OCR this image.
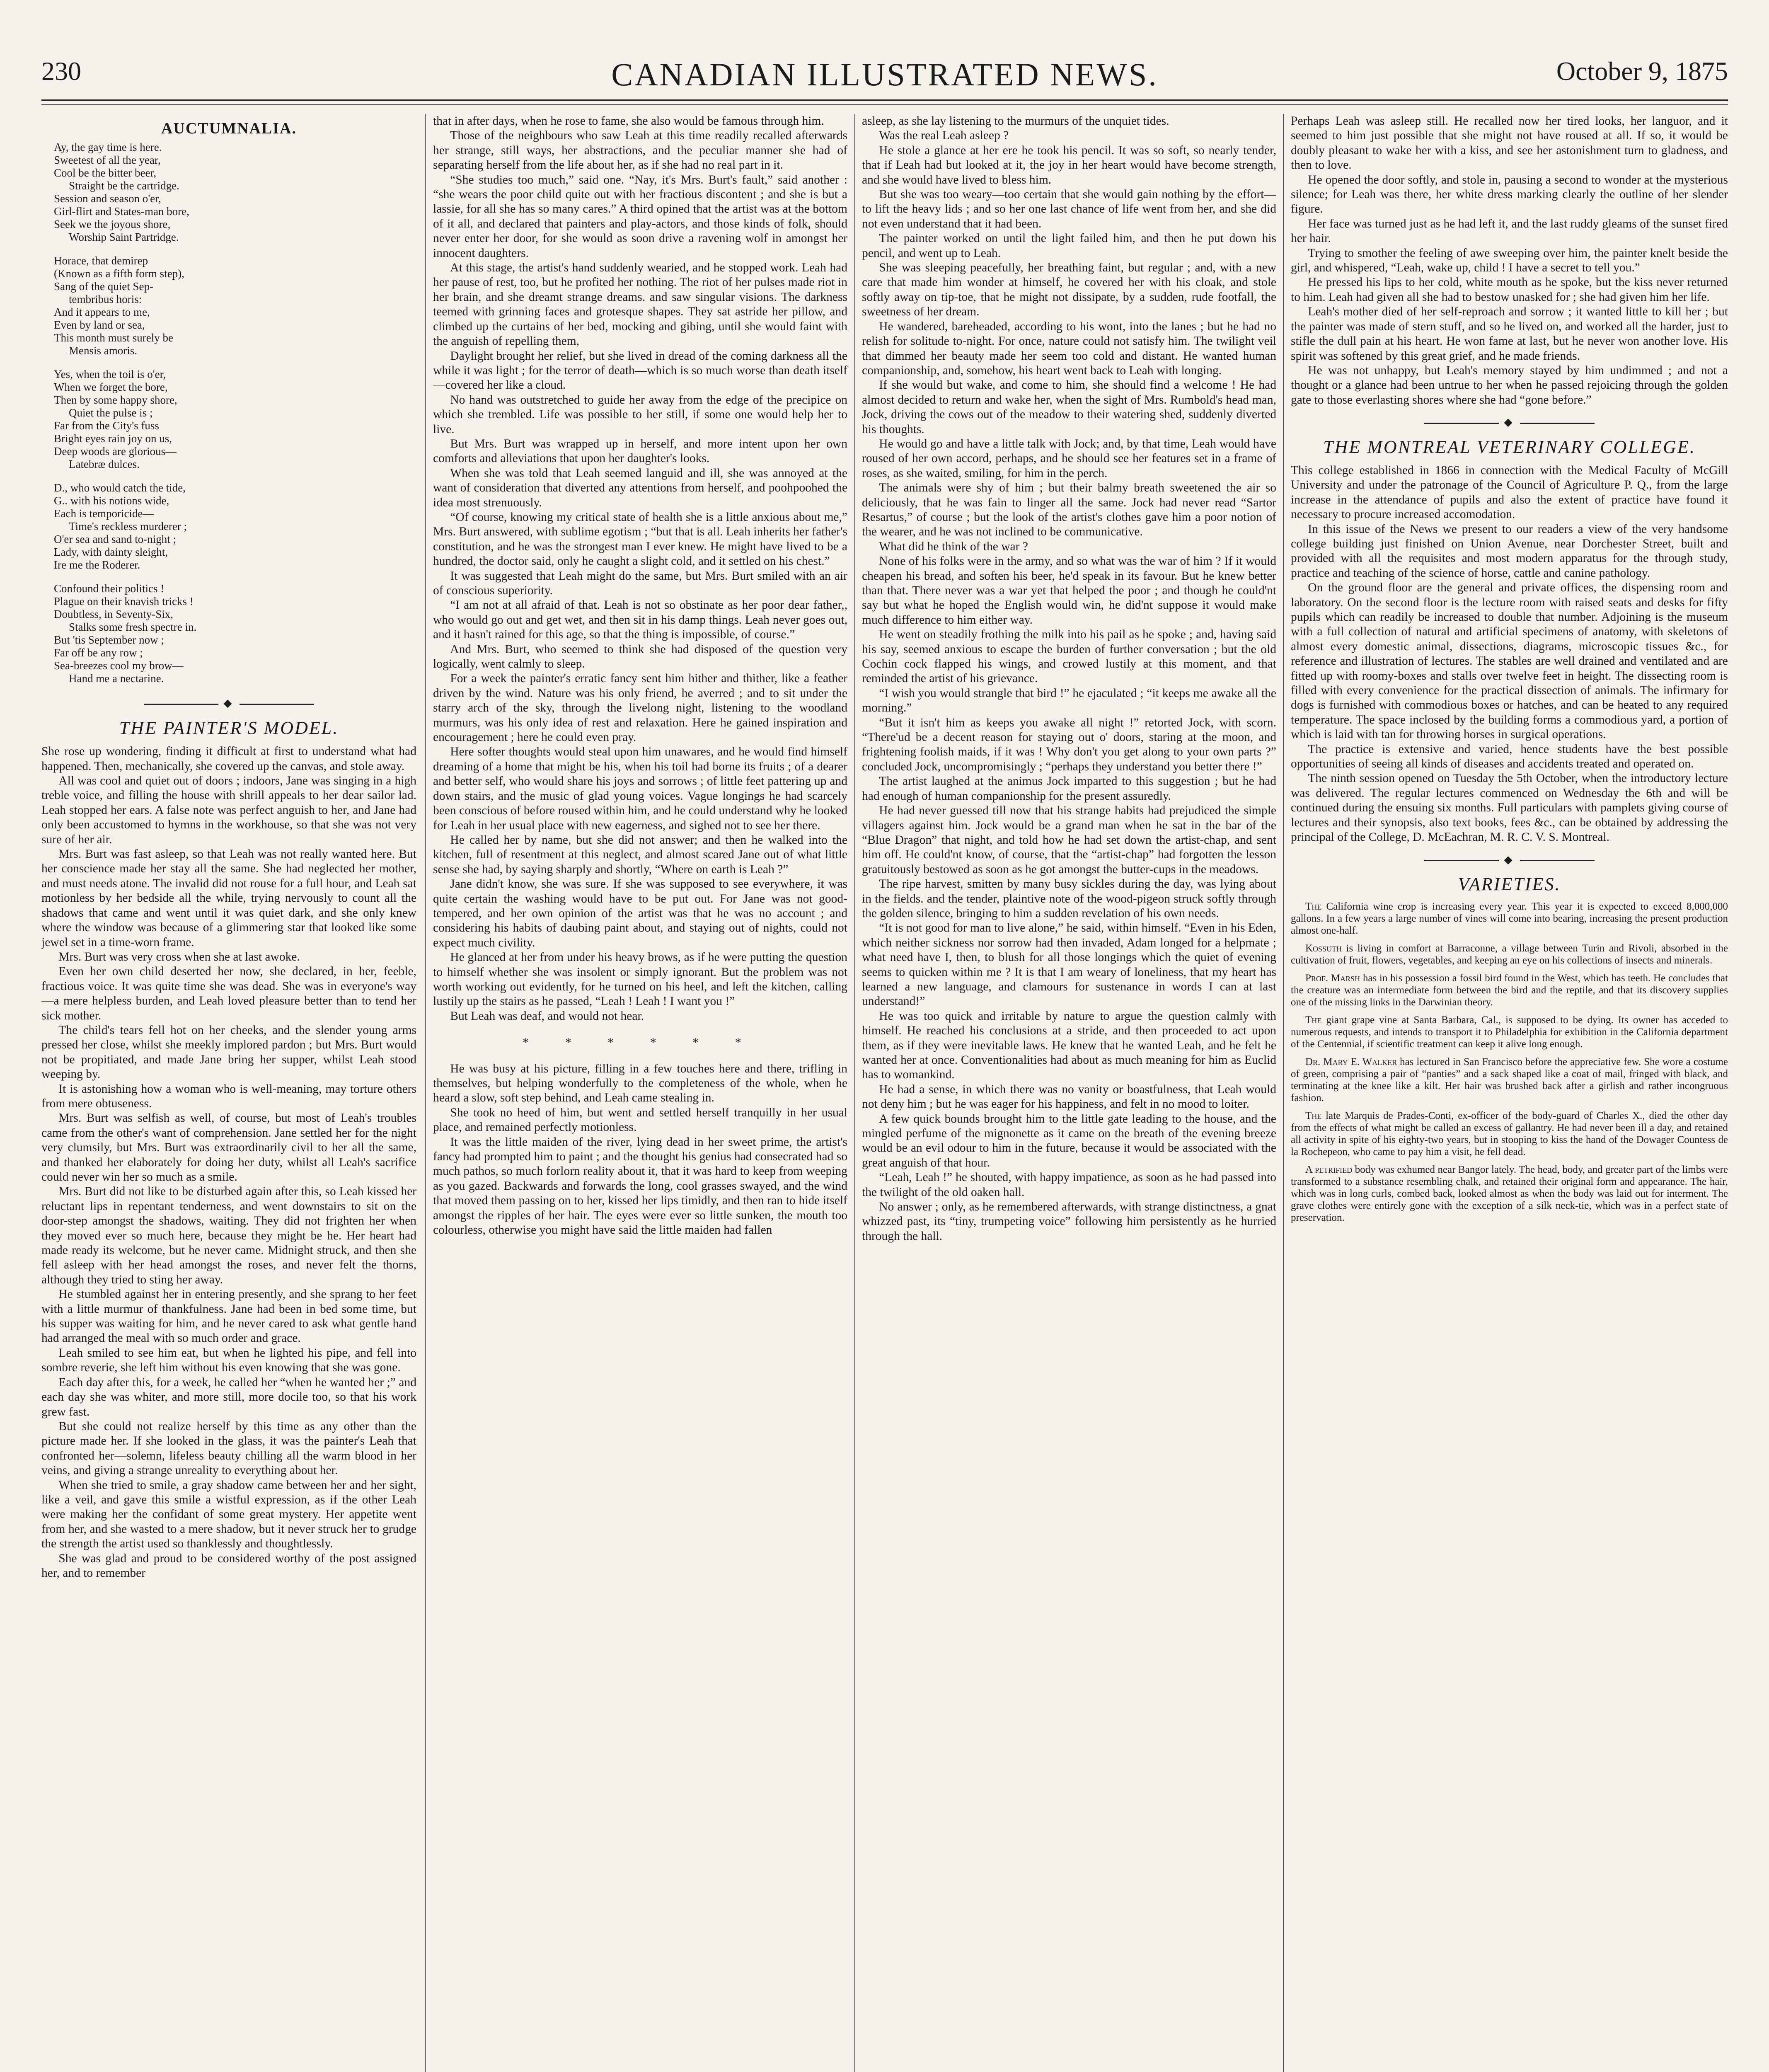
230	CANADIAN ILLUSTRATED NEWS.	October 9, 1875
AUCTUMNALIA.
Ay, the gay time is here.
Sweetest of all the year,
Cool be the bitter beer,
Straight be the cartridge.
Session and season o'er,
Girl-flirt and States-man bore,
Seek we the joyous shore,
Worship Saint Partridge.
Horace, that demirep
(Known as a fifth form step),
Sang of the quiet Sep-
tembribus horis:
And it appears to me,
Even by land or sea,
This month must surely be
Mensis amoris.
Yes, when the toil is o'er,
When we forget the bore,
Then by some happy shore,
Quiet the pulse is ;
Far from the City's fuss
Bright eyes rain joy on us,
Deep woods are glorious—
Latebræ dulces.
D., who would catch the tide,
G.. with his notions wide,
Each is temporicide—
Time's reckless murderer ;
O'er sea and sand to-night ;
Lady, with dainty sleight,
Ire me the Roderer.
Confound their politics !
Plague on their knavish tricks !
Doubtless, in Seventy-Six,
Stalks some fresh spectre in.
But 'tis September now ;
Far off be any row ;
Sea-breezes cool my brow—
Hand me a nectarine.
◆
THE PAINTER'S MODEL.

She rose up wondering, finding it difficult at first to understand what had happened. Then, mechanically, she covered up the canvas, and stole away.

All was cool and quiet out of doors ; indoors, Jane was singing in a high treble voice, and filling the house with shrill appeals to her dear sailor lad. Leah stopped her ears. A false note was perfect anguish to her, and Jane had only been accustomed to hymns in the workhouse, so that she was not very sure of her air.

Mrs. Burt was fast asleep, so that Leah was not really wanted here. But her conscience made her stay all the same. She had neglected her mother, and must needs atone. The invalid did not rouse for a full hour, and Leah sat motionless by her bedside all the while, trying nervously to count all the shadows that came and went until it was quiet dark, and she only knew where the window was because of a glimmering star that looked like some jewel set in a time-worn frame.

Mrs. Burt was very cross when she at last awoke.

Even her own child deserted her now, she declared, in her, feeble, fractious voice. It was quite time she was dead. She was in everyone's way—a mere helpless burden, and Leah loved pleasure better than to tend her sick mother.

The child's tears fell hot on her cheeks, and the slender young arms pressed her close, whilst she meekly implored pardon ; but Mrs. Burt would not be propitiated, and made Jane bring her supper, whilst Leah stood weeping by.

It is astonishing how a woman who is well-meaning, may torture others from mere obtuseness.

Mrs. Burt was selfish as well, of course, but most of Leah's troubles came from the other's want of comprehension. Jane settled her for the night very clumsily, but Mrs. Burt was extraordinarily civil to her all the same, and thanked her elaborately for doing her duty, whilst all Leah's sacrifice could never win her so much as a smile.

Mrs. Burt did not like to be disturbed again after this, so Leah kissed her reluctant lips in repentant tenderness, and went downstairs to sit on the door-step amongst the shadows, waiting. They did not frighten her when they moved ever so much here, because they might be he. Her heart had made ready its welcome, but he never came. Midnight struck, and then she fell asleep with her head amongst the roses, and never felt the thorns, although they tried to sting her away.

He stumbled against her in entering presently, and she sprang to her feet with a little murmur of thankfulness. Jane had been in bed some time, but his supper was waiting for him, and he never cared to ask what gentle hand had arranged the meal with so much order and grace.

Leah smiled to see him eat, but when he lighted his pipe, and fell into sombre reverie, she left him without his even knowing that she was gone.

Each day after this, for a week, he called her “when he wanted her ;” and each day she was whiter, and more still, more docile too, so that his work grew fast.

But she could not realize herself by this time as any other than the picture made her. If she looked in the glass, it was the painter's Leah that confronted her—solemn, lifeless beauty chilling all the warm blood in her veins, and giving a strange unreality to everything about her.

When she tried to smile, a gray shadow came between her and her sight, like a veil, and gave this smile a wistful expression, as if the other Leah were making her the confidant of some great mystery. Her appetite went from her, and she wasted to a mere shadow, but it never struck her to grudge the strength the artist used so thanklessly and thoughtlessly.

She was glad and proud to be considered worthy of the post assigned her, and to remember

that in after days, when he rose to fame, she also would be famous through him.

Those of the neighbours who saw Leah at this time readily recalled afterwards her strange, still ways, her abstractions, and the peculiar manner she had of separating herself from the life about her, as if she had no real part in it.

“She studies too much,” said one. “Nay, it's Mrs. Burt's fault,” said another : “she wears the poor child quite out with her fractious discontent ; and she is but a lassie, for all she has so many cares.” A third opined that the artist was at the bottom of it all, and declared that painters and play-actors, and those kinds of folk, should never enter her door, for she would as soon drive a ravening wolf in amongst her innocent daughters.

At this stage, the artist's hand suddenly wearied, and he stopped work. Leah had her pause of rest, too, but he profited her nothing. The riot of her pulses made riot in her brain, and she dreamt strange dreams. and saw singular visions. The darkness teemed with grinning faces and grotesque shapes. They sat astride her pillow, and climbed up the curtains of her bed, mocking and gibing, until she would faint with the anguish of repelling them,

Daylight brought her relief, but she lived in dread of the coming darkness all the while it was light ; for the terror of death—which is so much worse than death itself—covered her like a cloud.

No hand was outstretched to guide her away from the edge of the precipice on which she trembled. Life was possible to her still, if some one would help her to live.

But Mrs. Burt was wrapped up in herself, and more intent upon her own comforts and alleviations that upon her daughter's looks.

When she was told that Leah seemed languid and ill, she was annoyed at the want of consideration that diverted any attentions from herself, and poohpoohed the idea most strenuously.

“Of course, knowing my critical state of health she is a little anxious about me,” Mrs. Burt answered, with sublime egotism ; “but that is all. Leah inherits her father's constitution, and he was the strongest man I ever knew. He might have lived to be a hundred, the doctor said, only he caught a slight cold, and it settled on his chest.”

It was suggested that Leah might do the same, but Mrs. Burt smiled with an air of conscious superiority.

“I am not at all afraid of that. Leah is not so obstinate as her poor dear father,, who would go out and get wet, and then sit in his damp things. Leah never goes out, and it hasn't rained for this age, so that the thing is impossible, of course.”

And Mrs. Burt, who seemed to think she had disposed of the question very logically, went calmly to sleep.

For a week the painter's erratic fancy sent him hither and thither, like a feather driven by the wind. Nature was his only friend, he averred ; and to sit under the starry arch of the sky, through the livelong night, listening to the woodland murmurs, was his only idea of rest and relaxation. Here he gained inspiration and encouragement ; here he could even pray.

Here softer thoughts would steal upon him unawares, and he would find himself dreaming of a home that might be his, when his toil had borne its fruits ; of a dearer and better self, who would share his joys and sorrows ; of little feet pattering up and down stairs, and the music of glad young voices. Vague longings he had scarcely been conscious of before roused within him, and he could understand why he looked for Leah in her usual place with new eagerness, and sighed not to see her there.

He called her by name, but she did not answer; and then he walked into the kitchen, full of resentment at this neglect, and almost scared Jane out of what little sense she had, by saying sharply and shortly, “Where on earth is Leah ?”

Jane didn't know, she was sure. If she was supposed to see everywhere, it was quite certain the washing would have to be put out. For Jane was not good-tempered, and her own opinion of the artist was that he was no account ; and considering his habits of daubing paint about, and staying out of nights, could not expect much civility.

He glanced at her from under his heavy brows, as if he were putting the question to himself whether she was insolent or simply ignorant. But the problem was not worth working out evidently, for he turned on his heel, and left the kitchen, calling lustily up the stairs as he passed, “Leah ! Leah ! I want you !”

But Leah was deaf, and would not hear.

* * * * * *

He was busy at his picture, filling in a few touches here and there, trifling in themselves, but helping wonderfully to the completeness of the whole, when he heard a slow, soft step behind, and Leah came stealing in.

She took no heed of him, but went and settled herself tranquilly in her usual place, and remained perfectly motionless.

It was the little maiden of the river, lying dead in her sweet prime, the artist's fancy had prompted him to paint ; and the thought his genius had consecrated had so much pathos, so much forlorn reality about it, that it was hard to keep from weeping as you gazed. Backwards and forwards the long, cool grasses swayed, and the wind that moved them passing on to her, kissed her lips timidly, and then ran to hide itself amongst the ripples of her hair. The eyes were ever so little sunken, the mouth too colourless, otherwise you might have said the little maiden had fallen

asleep, as she lay listening to the murmurs of the unquiet tides.

Was the real Leah asleep ?

He stole a glance at her ere he took his pencil. It was so soft, so nearly tender, that if Leah had but looked at it, the joy in her heart would have become strength, and she would have lived to bless him.

But she was too weary—too certain that she would gain nothing by the effort—to lift the heavy lids ; and so her one last chance of life went from her, and she did not even understand that it had been.

The painter worked on until the light failed him, and then he put down his pencil, and went up to Leah.

She was sleeping peacefully, her breathing faint, but regular ; and, with a new care that made him wonder at himself, he covered her with his cloak, and stole softly away on tip-toe, that he might not dissipate, by a sudden, rude footfall, the sweetness of her dream.

He wandered, bareheaded, according to his wont, into the lanes ; but he had no relish for solitude to-night. For once, nature could not satisfy him. The twilight veil that dimmed her beauty made her seem too cold and distant. He wanted human companionship, and, somehow, his heart went back to Leah with longing.

If she would but wake, and come to him, she should find a welcome ! He had almost decided to return and wake her, when the sight of Mrs. Rumbold's head man, Jock, driving the cows out of the meadow to their watering shed, suddenly diverted his thoughts.

He would go and have a little talk with Jock; and, by that time, Leah would have roused of her own accord, perhaps, and he should see her features set in a frame of roses, as she waited, smiling, for him in the perch.

The animals were shy of him ; but their balmy breath sweetened the air so deliciously, that he was fain to linger all the same. Jock had never read “Sartor Resartus,” of course ; but the look of the artist's clothes gave him a poor notion of the wearer, and he was not inclined to be communicative.

What did he think of the war ?

None of his folks were in the army, and so what was the war of him ? If it would cheapen his bread, and soften his beer, he'd speak in its favour. But he knew better than that. There never was a war yet that helped the poor ; and though he could'nt say but what he hoped the English would win, he did'nt suppose it would make much difference to him either way.

He went on steadily frothing the milk into his pail as he spoke ; and, having said his say, seemed anxious to escape the burden of further conversation ; but the old Cochin cock flapped his wings, and crowed lustily at this moment, and that reminded the artist of his grievance.

“I wish you would strangle that bird !” he ejaculated ; “it keeps me awake all the morning.”

“But it isn't him as keeps you awake all night !” retorted Jock, with scorn. “There'ud be a decent reason for staying out o' doors, staring at the moon, and frightening foolish maids, if it was ! Why don't you get along to your own parts ?” concluded Jock, uncompromisingly ; “perhaps they understand you better there !”

The artist laughed at the animus Jock imparted to this suggestion ; but he had had enough of human companionship for the present assuredly.

He had never guessed till now that his strange habits had prejudiced the simple villagers against him. Jock would be a grand man when he sat in the bar of the “Blue Dragon” that night, and told how he had set down the artist-chap, and sent him off. He could'nt know, of course, that the “artist-chap” had forgotten the lesson gratuitously bestowed as soon as he got amongst the butter-cups in the meadows.

The ripe harvest, smitten by many busy sickles during the day, was lying about in the fields. and the tender, plaintive note of the wood-pigeon struck softly through the golden silence, bringing to him a sudden revelation of his own needs.

“It is not good for man to live alone,” he said, within himself. “Even in his Eden, which neither sickness nor sorrow had then invaded, Adam longed for a helpmate ; what need have I, then, to blush for all those longings which the quiet of evening seems to quicken within me ? It is that I am weary of loneliness, that my heart has learned a new language, and clamours for sustenance in words I can at last understand!”

He was too quick and irritable by nature to argue the question calmly with himself. He reached his conclusions at a stride, and then proceeded to act upon them, as if they were inevitable laws. He knew that he wanted Leah, and he felt he wanted her at once. Conventionalities had about as much meaning for him as Euclid has to womankind.

He had a sense, in which there was no vanity or boastfulness, that Leah would not deny him ; but he was eager for his happiness, and felt in no mood to loiter.

A few quick bounds brought him to the little gate leading to the house, and the mingled perfume of the mignonette as it came on the breath of the evening breeze would be an evil odour to him in the future, because it would be associated with the great anguish of that hour.

“Leah, Leah !” he shouted, with happy impatience, as soon as he had passed into the twilight of the old oaken hall.

No answer ; only, as he remembered afterwards, with strange distinctness, a gnat whizzed past, its “tiny, trumpeting voice” following him persistently as he hurried through the hall.

Perhaps Leah was asleep still. He recalled now her tired looks, her languor, and it seemed to him just possible that she might not have roused at all. If so, it would be doubly pleasant to wake her with a kiss, and see her astonishment turn to gladness, and then to love.

He opened the door softly, and stole in, pausing a second to wonder at the mysterious silence; for Leah was there, her white dress marking clearly the outline of her slender figure.

Her face was turned just as he had left it, and the last ruddy gleams of the sunset fired her hair.

Trying to smother the feeling of awe sweeping over him, the painter knelt beside the girl, and whispered, “Leah, wake up, child ! I have a secret to tell you.”

He pressed his lips to her cold, white mouth as he spoke, but the kiss never returned to him. Leah had given all she had to bestow unasked for ; she had given him her life.

Leah's mother died of her self-reproach and sorrow ; it wanted little to kill her ; but the painter was made of stern stuff, and so he lived on, and worked all the harder, just to stifle the dull pain at his heart. He won fame at last, but he never won another love. His spirit was softened by this great grief, and he made friends.

He was not unhappy, but Leah's memory stayed by him undimmed ; and not a thought or a glance had been untrue to her when he passed rejoicing through the golden gate to those everlasting shores where she had “gone before.”

◆
THE MONTREAL VETERINARY COLLEGE.

This college established in 1866 in connection with the Medical Faculty of McGill University and under the patronage of the Council of Agriculture P. Q., from the large increase in the attendance of pupils and also the extent of practice have found it necessary to procure increased accomodation.

In this issue of the News we present to our readers a view of the very handsome college building just finished on Union Avenue, near Dorchester Street, built and provided with all the requisites and most modern apparatus for the through study, practice and teaching of the science of horse, cattle and canine pathology.

On the ground floor are the general and private offices, the dispensing room and laboratory. On the second floor is the lecture room with raised seats and desks for fifty pupils which can readily be increased to double that number. Adjoining is the museum with a full collection of natural and artificial specimens of anatomy, with skeletons of almost every domestic animal, dissections, diagrams, microscopic tissues &c., for reference and illustration of lectures. The stables are well drained and ventilated and are fitted up with roomy-boxes and stalls over twelve feet in height. The dissecting room is filled with every convenience for the practical dissection of animals. The infirmary for dogs is furnished with commodious boxes or hatches, and can be heated to any required temperature. The space inclosed by the building forms a commodious yard, a portion of which is laid with tan for throwing horses in surgical operations.

The practice is extensive and varied, hence students have the best possible opportunities of seeing all kinds of diseases and accidents treated and operated on.

The ninth session opened on Tuesday the 5th October, when the introductory lecture was delivered. The regular lectures commenced on Wednesday the 6th and will be continued during the ensuing six months. Full particulars with pamplets giving course of lectures and their synopsis, also text books, fees &c., can be obtained by addressing the principal of the College, D. McEachran, M. R. C. V. S. Montreal.

◆
VARIETIES.

The California wine crop is increasing every year. This year it is expected to exceed 8,000,000 gallons. In a few years a large number of vines will come into bearing, increasing the present production almost one-half.

Kossuth is living in comfort at Barraconne, a village between Turin and Rivoli, absorbed in the cultivation of fruit, flowers, vegetables, and keeping an eye on his collections of insects and minerals.

Prof. Marsh has in his possession a fossil bird found in the West, which has teeth. He concludes that the creature was an intermediate form between the bird and the reptile, and that its discovery supplies one of the missing links in the Darwinian theory.

The giant grape vine at Santa Barbara, Cal., is supposed to be dying. Its owner has acceded to numerous requests, and intends to transport it to Philadelphia for exhibition in the California department of the Centennial, if scientific treatment can keep it alive long enough.

Dr. Mary E. Walker has lectured in San Francisco before the appreciative few. She wore a costume of green, comprising a pair of “panties” and a sack shaped like a coat of mail, fringed with black, and terminating at the knee like a kilt. Her hair was brushed back after a girlish and rather incongruous fashion.

The late Marquis de Prades-Conti, ex-officer of the body-guard of Charles X., died the other day from the effects of what might be called an excess of gallantry. He had never been ill a day, and retained all activity in spite of his eighty-two years, but in stooping to kiss the hand of the Dowager Countess de la Rochepeon, who came to pay him a visit, he fell dead.

A petrified body was exhumed near Bangor lately. The head, body, and greater part of the limbs were transformed to a substance resembling chalk, and retained their original form and appearance. The hair, which was in long curls, combed back, looked almost as when the body was laid out for interment. The grave clothes were entirely gone with the exception of a silk neck-tie, which was in a perfect state of preservation.
